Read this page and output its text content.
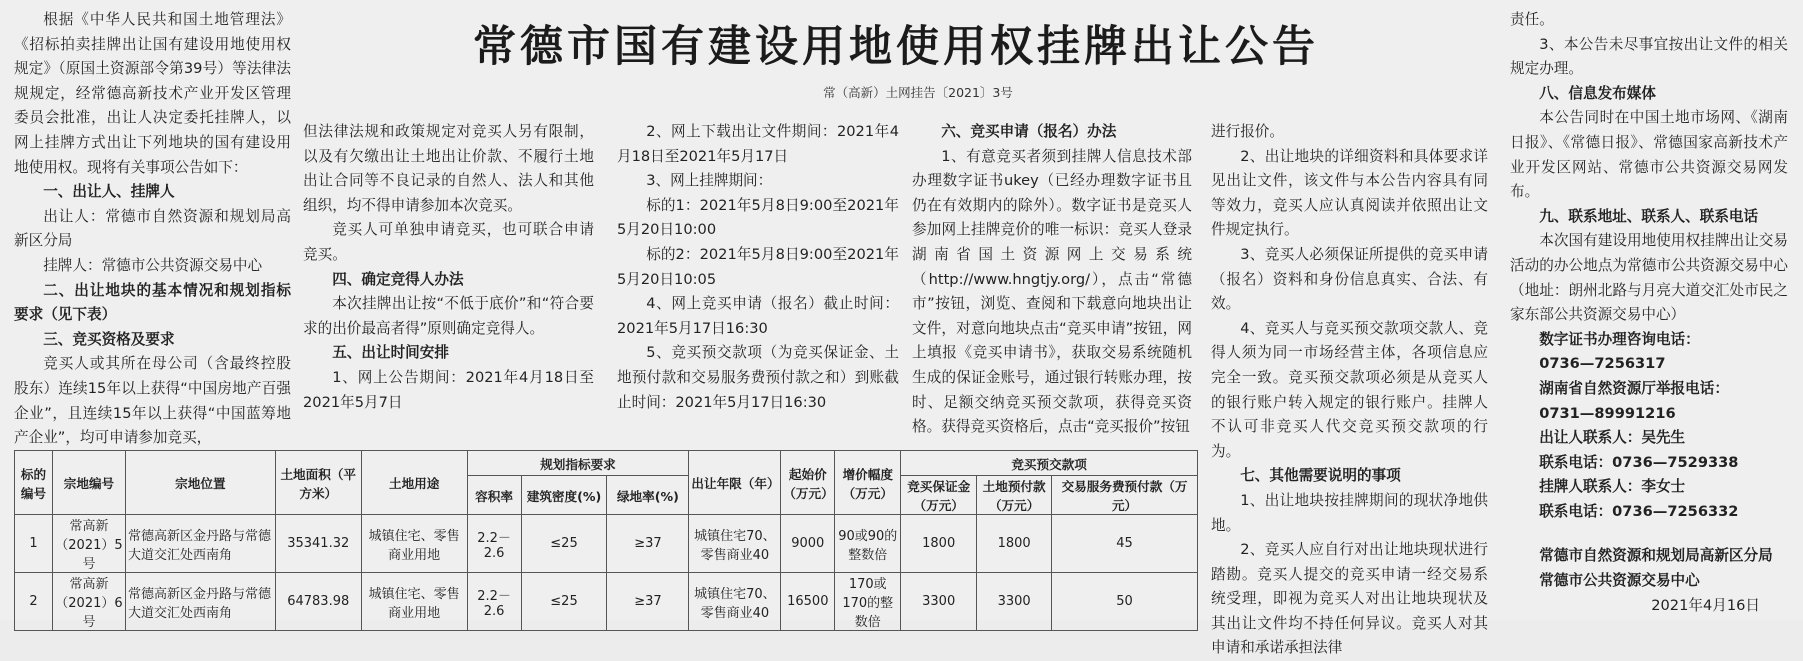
常德市国有建设用地使用权挂牌出让公告
常（高新）土网挂告〔2021〕3号

根据《中华人民共和国土地管理法》《招标拍卖挂牌出让国有建设用地使用权规定》（原国土资源部令第39号）等法律法规规定，经常德高新技术产业开发区管理委员会批准，出让人决定委托挂牌人，以网上挂牌方式出让下列地块的国有建设用地使用权。现将有关事项公告如下：

一、出让人、挂牌人

出让人：常德市自然资源和规划局高新区分局

挂牌人：常德市公共资源交易中心

二、出让地块的基本情况和规划指标要求（见下表）

三、竞买资格及要求

竞买人或其所在母公司（含最终控股股东）连续15年以上获得“中国房地产百强企业”，且连续15年以上获得“中国蓝筹地产企业”，均可申请参加竞买，

但法律法规和政策规定对竞买人另有限制，以及有欠缴出让土地出让价款、不履行土地出让合同等不良记录的自然人、法人和其他组织，均不得申请参加本次竞买。

竞买人可单独申请竞买，也可联合申请竞买。

四、确定竞得人办法

本次挂牌出让按“不低于底价”和“符合要求的出价最高者得”原则确定竞得人。

五、出让时间安排

1、网上公告期间：2021年4月18日至2021年5月7日

2、网上下载出让文件期间：2021年4月18日至2021年5月17日

3、网上挂牌期间：

标的1：2021年5月8日9:00至2021年5月20日10:00

标的2：2021年5月8日9:00至2021年5月20日10:05

4、网上竞买申请（报名）截止时间：2021年5月17日16:30

5、竞买预交款项（为竞买保证金、土地预付款和交易服务费预付款之和）到账截止时间：2021年5月17日16:30

六、竞买申请（报名）办法

1、有意竞买者须到挂牌人信息技术部办理数字证书ukey（已经办理数字证书且仍在有效期内的除外）。数字证书是竞买人参加网上挂牌竞价的唯一标识：竞买人登录湖南省国土资源网上交易系统（http://www.hngtjy.org/），点击“常德市”按钮，浏览、查阅和下载意向地块出让文件，对意向地块点击“竞买申请”按钮，网上填报《竞买申请书》，获取交易系统随机生成的保证金账号，通过银行转账办理，按时、足额交纳竞买预交款项，获得竞买资格。获得竞买资格后，点击“竞买报价”按钮

进行报价。

2、出让地块的详细资料和具体要求详见出让文件，该文件与本公告内容具有同等效力，竞买人应认真阅读并依照出让文件规定执行。

3、竞买人必须保证所提供的竞买申请（报名）资料和身份信息真实、合法、有效。

4、竞买人与竞买预交款项交款人、竞得人须为同一市场经营主体，各项信息应完全一致。竞买预交款项必须是从竞买人的银行账户转入规定的银行账户。挂牌人不认可非竞买人代交竞买预交款项的行为。

七、其他需要说明的事项

1、出让地块按挂牌期间的现状净地供地。

2、竞买人应自行对出让地块现状进行踏勘。竞买人提交的竞买申请一经交易系统受理，即视为竞买人对出让地块现状及其出让文件均不持任何异议。竞买人对其申请和承诺承担法律

责任。

3、本公告未尽事宜按出让文件的相关规定办理。

八、信息发布媒体

本公告同时在中国土地市场网、《湖南日报》、《常德日报》、常德国家高新技术产业开发区网站、常德市公共资源交易网发布。

九、联系地址、联系人、联系电话

本次国有建设用地使用权挂牌出让交易活动的办公地点为常德市公共资源交易中心（地址：朗州北路与月亮大道交汇处市民之家东部公共资源交易中心）

数字证书办理咨询电话：

0736—7256317

湖南省自然资源厅举报电话：

0731—89991216

出让人联系人：吴先生

联系电话：0736—7529338

挂牌人联系人：李女士

联系电话：0736—7256332

常德市自然资源和规划局高新区分局

常德市公共资源交易中心

2021年4月16日

标的编号	宗地编号	宗地位置	土地面积（平方米）	土地用途	规划指标要求			出让年限（年）	起始价（万元）	增价幅度（万元）	竞买预交款项		
					容积率	建筑密度(%)	绿地率(%)				竞买保证金（万元）	土地预付款（万元）	交易服务费预付款（万元）
1	常高新（2021）5号	常德高新区金丹路与常德大道交汇处西南角	35341.32	城镇住宅、零售商业用地	2.2－2.6	≤25	≥37	城镇住宅70、零售商业40	9000	90或90的整数倍	1800	1800	45
2	常高新（2021）6号	常德高新区金丹路与常德大道交汇处西南角	64783.98	城镇住宅、零售商业用地	2.2－2.6	≤25	≥37	城镇住宅70、零售商业40	16500	170或170的整数倍	3300	3300	50
